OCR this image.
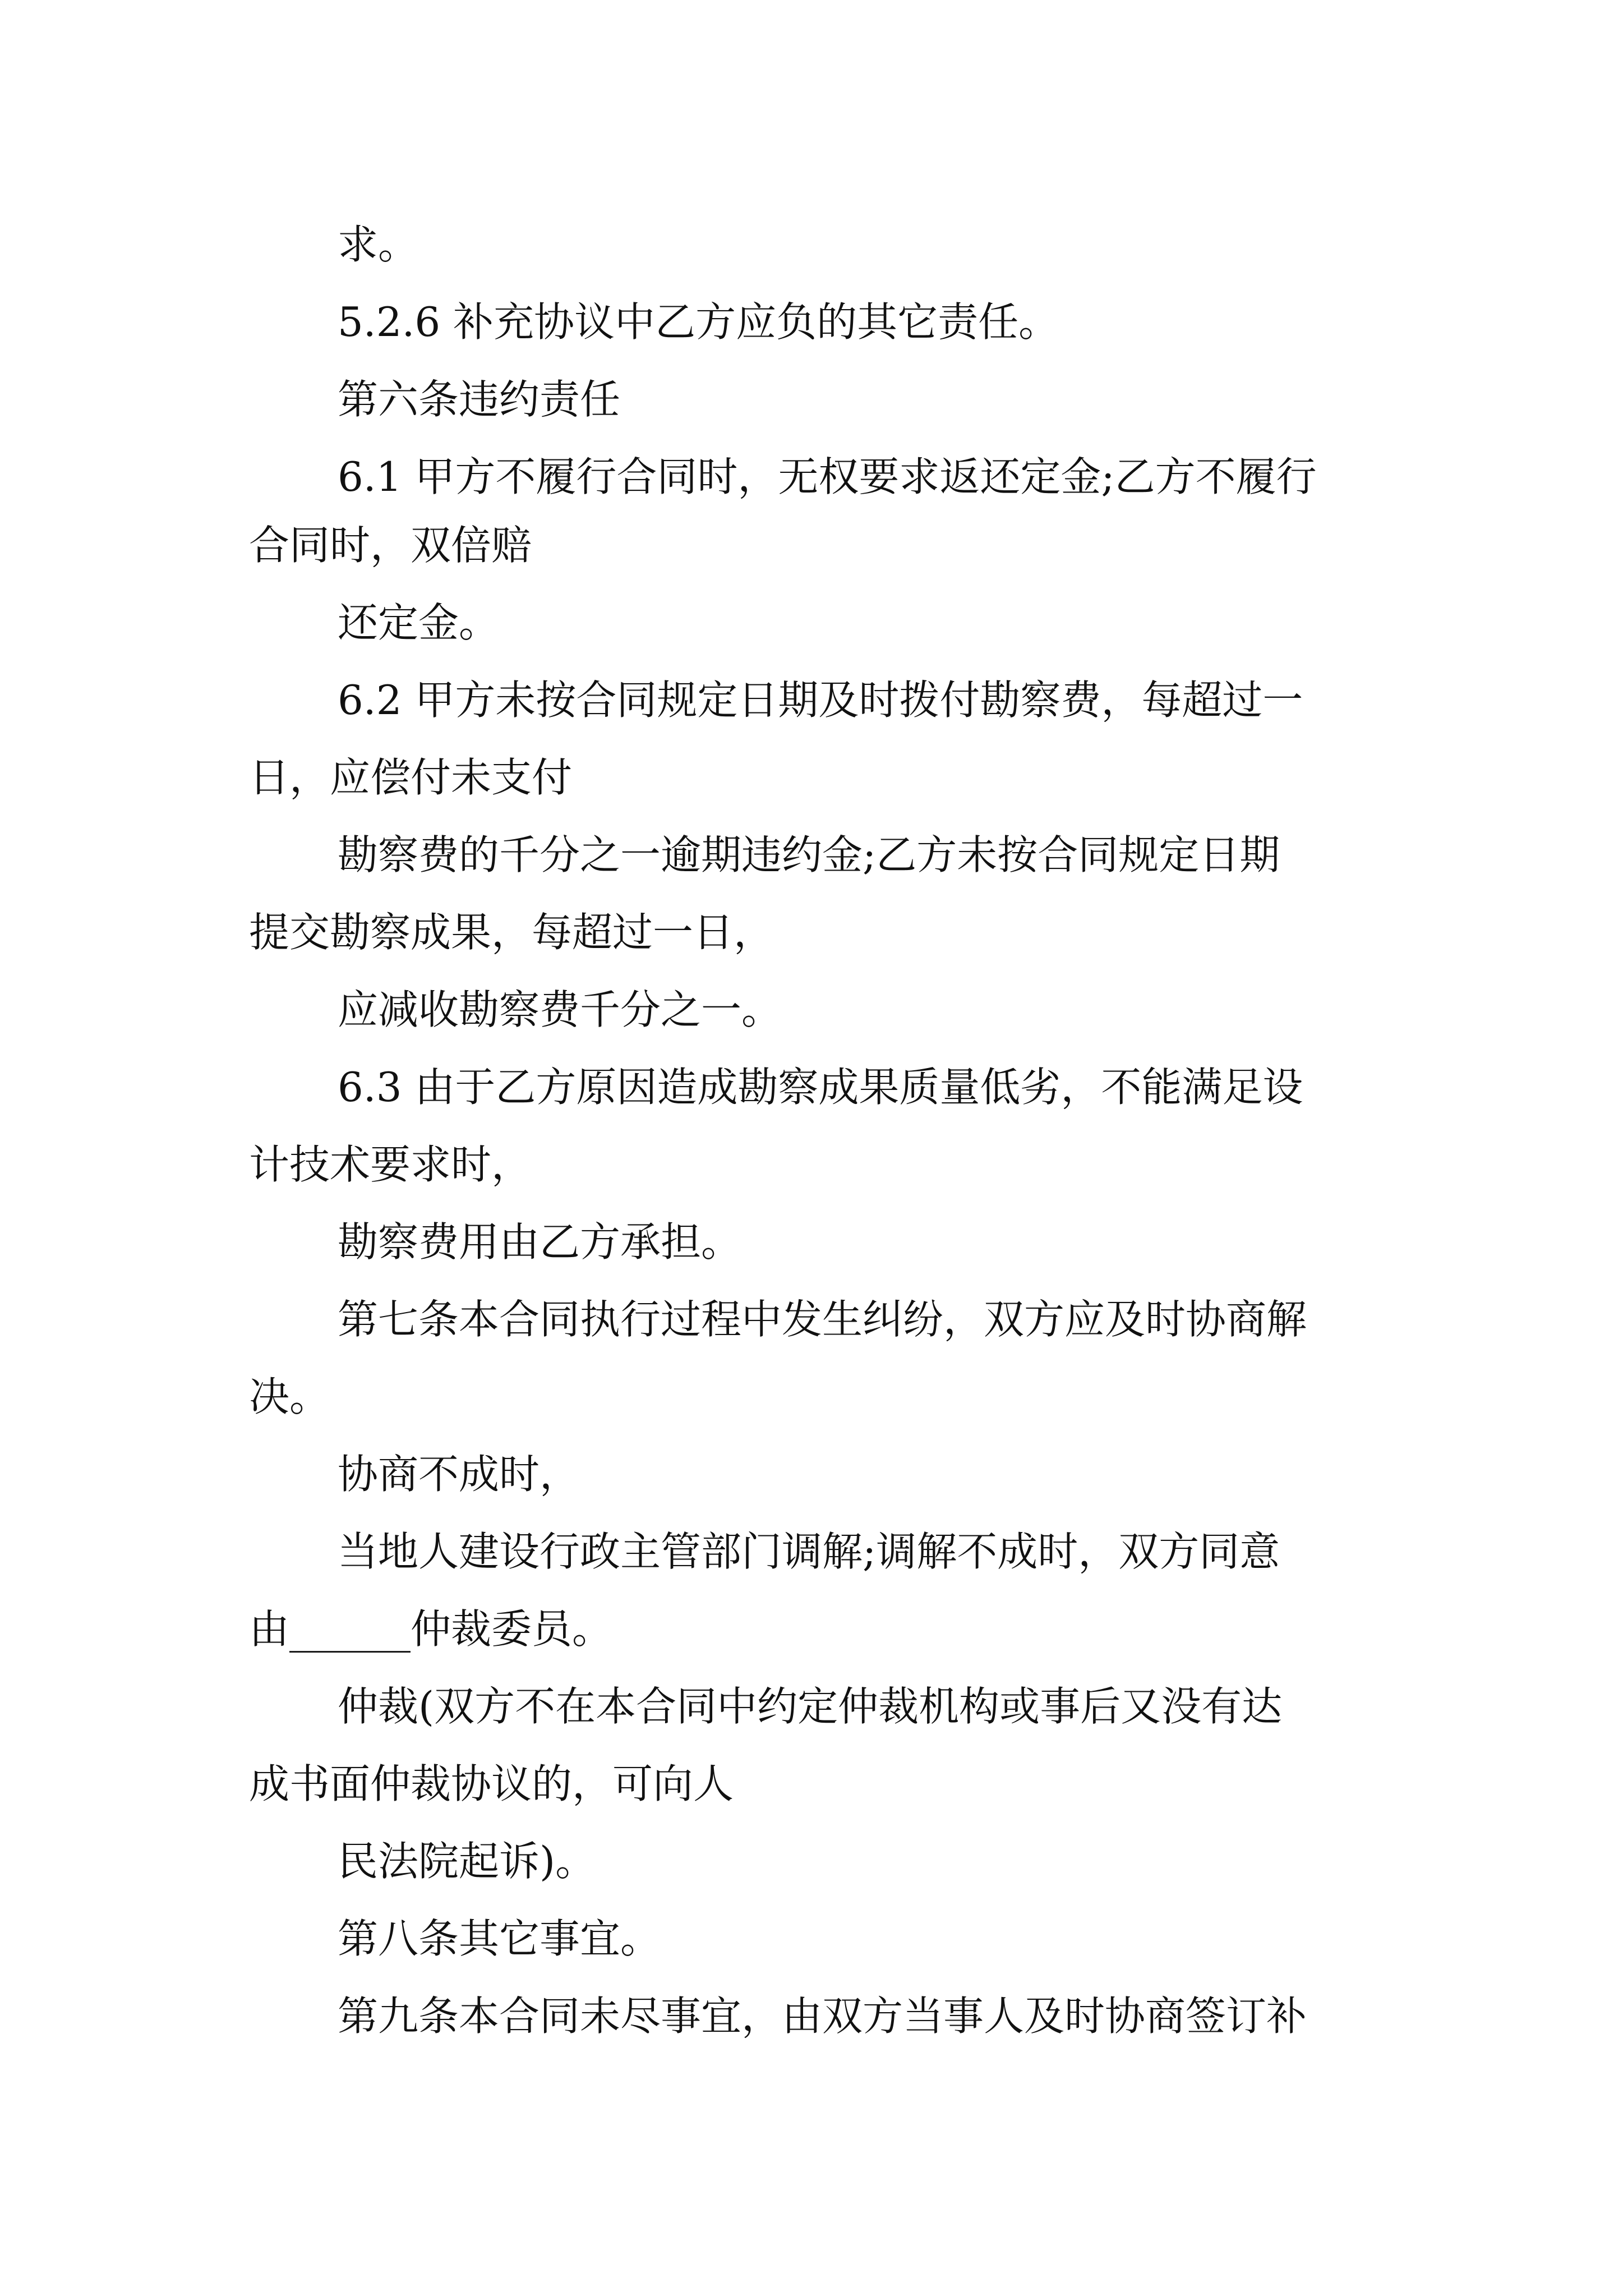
求。

5.2.6 补充协议中乙方应负的其它责任。

第六条违约责任

6.1 甲方不履行合同时，无权要求返还定金;乙方不履行

合同时，双倍赔

还定金。

6.2 甲方未按合同规定日期及时拨付勘察费，每超过一

日，应偿付未支付

勘察费的千分之一逾期违约金;乙方未按合同规定日期

提交勘察成果，每超过一日，

应减收勘察费千分之一。

6.3 由于乙方原因造成勘察成果质量低劣，不能满足设

计技术要求时，

勘察费用由乙方承担。

第七条本合同执行过程中发生纠纷，双方应及时协商解

决。

协商不成时，

当地人建设行政主管部门调解;调解不成时，双方同意

由______仲裁委员。

仲裁(双方不在本合同中约定仲裁机构或事后又没有达

成书面仲裁协议的，可向人

民法院起诉)。

第八条其它事宜。

第九条本合同未尽事宜，由双方当事人及时协商签订补
